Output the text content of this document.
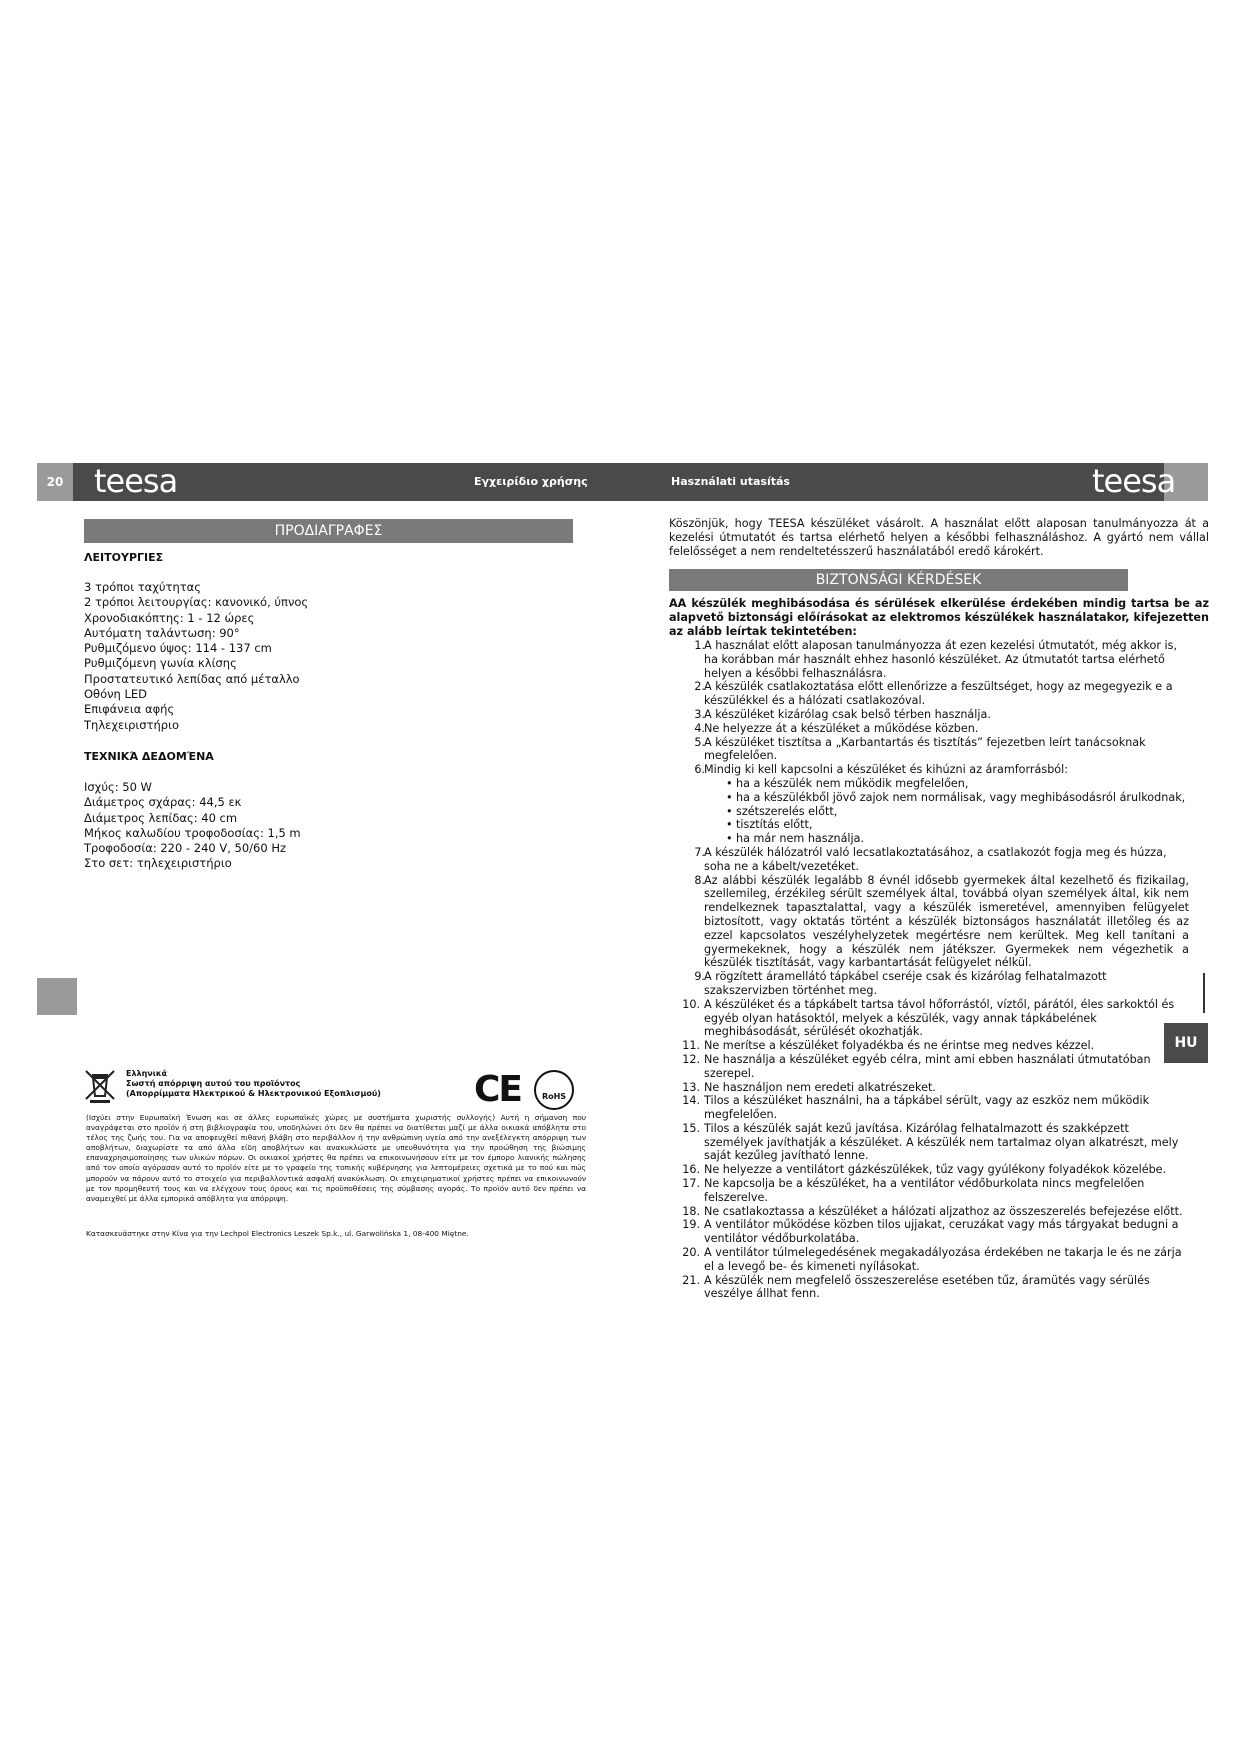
20 teesa	teesa
Εγχειρίδιο χρήσης	Használati utasítás
ΠΡΟΔΙΑΓΡΑΦΕΣ
ΛΕΙΤΟΥΡΓΙΕΣ
3 τρόποι ταχύτητας
2 τρόποι λειτουργίας: κανονικό, ύπνος
Χρονοδιακόπτης: 1 - 12 ώρες
Αυτόματη ταλάντωση: 90°
Ρυθμιζόμενο ύψος: 114 - 137 cm
Ρυθμιζόμενη γωνία κλίσης
Προστατευτικό λεπίδας από μέταλλο
Οθόνη LED
Επιφάνεια αφής
Τηλεχειριστήριο
ΤΕΧΝΙΚΆ ΔΕΔΟΜΈΝΑ
Ισχύς: 50 W
Διάμετρος σχάρας: 44,5 εκ
Διάμετρος λεπίδας: 40 cm
Μήκος καλωδίου τροφοδοσίας: 1,5 m
Τροφοδοσία: 220 - 240 V, 50/60 Hz
Στο σετ: τηλεχειριστήριο
Ελληνικά
Σωστή απόρριψη αυτού του προϊόντος
(Απορρίμματα Ηλεκτρικού & Ηλεκτρονικού Εξοπλισμού)	CE	RoHS
(Ισχύει στην Ευρωπαϊκή Ένωση και σε άλλες ευρωπαϊκές χώρες με συστήματα χωριστής συλλογής) Αυτή η σήμανση που αναγράφεται στο προϊόν ή στη βιβλιογραφία του, υποδηλώνει ότι δεν θα πρέπει να διατίθεται μαζί με άλλα οικιακά απόβλητα στο τέλος της ζωής του. Για να αποφευχθεί πιθανή βλάβη στο περιβάλλον ή την ανθρώπινη υγεία από την ανεξέλεγκτη απόρριψη των αποβλήτων, διαχωρίστε τα από άλλα είδη αποβλήτων και ανακυκλώστε με υπευθυνότητα για την προώθηση της βιώσιμης επαναχρησιμοποίησης των υλικών πόρων. Οι οικιακοί χρήστες θα πρέπει να επικοινωνήσουν είτε με τον έμπορο λιανικής πώλησης από τον οποίο αγόρασαν αυτό το προϊόν είτε με το γραφείο της τοπικής κυβέρνησης για λεπτομέρειες σχετικά με το πού και πώς μπορούν να πάρουν αυτό το στοιχείο για περιβαλλοντικά ασφαλή ανακύκλωση. Οι επιχειρηματικοί χρήστες πρέπει να επικοινωνούν με τον προμηθευτή τους και να ελέγχουν τους όρους και τις προϋποθέσεις της σύμβασης αγοράς. Το προϊόν αυτό δεν πρέπει να αναμειχθεί με άλλα εμπορικά απόβλητα για απόρριψη.
Κατασκευάστηκε στην Κίνα για την Lechpol Electronics Leszek Sp.k., ul. Garwolińska 1, 08-400 Miętne.
Köszönjük, hogy TEESA készüléket vásárolt. A használat előtt alaposan tanulmányozza át a kezelési útmutatót és tartsa elérhető helyen a későbbi felhasználáshoz. A gyártó nem vállal felelősséget a nem rendeltetésszerű használatából eredő károkért.
BIZTONSÁGI KÉRDÉSEK
AA készülék meghibásodása és sérülések elkerülése érdekében mindig tartsa be az alapvető biztonsági előírásokat az elektromos készülékek használatakor, kifejezetten az alább leírtak tekintetében:
1. A használat előtt alaposan tanulmányozza át ezen kezelési útmutatót, még akkor is, ha korábban már használt ehhez hasonló készüléket. Az útmutatót tartsa elérhető helyen a későbbi felhasználásra.
2. A készülék csatlakoztatása előtt ellenőrizze a feszültséget, hogy az megegyezik e a készülékkel és a hálózati csatlakozóval.
3. A készüléket kizárólag csak belső térben használja.
4. Ne helyezze át a készüléket a működése közben.
5. A készüléket tisztítsa a „Karbantartás és tisztítás” fejezetben leírt tanácsoknak megfelelően.
6. Mindig ki kell kapcsolni a készüléket és kihúzni az áramforrásból:
• ha a készülék nem működik megfelelően,
• ha a készülékből jövő zajok nem normálisak, vagy meghibásodásról árulkodnak,
• szétszerelés előtt,
• tisztítás előtt,
• ha már nem használja.
7. A készülék hálózatról való lecsatlakoztatásához, a csatlakozót fogja meg és húzza, soha ne a kábelt/vezetéket.
8. Az alábbi készülék legalább 8 évnél idősebb gyermekek által kezelhető és fizikailag, szellemileg, érzékileg sérült személyek által, továbbá olyan személyek által, kik nem rendelkeznek tapasztalattal, vagy a készülék ismeretével, amennyiben felügyelet biztosított, vagy oktatás történt a készülék biztonságos használatát illetőleg és az ezzel kapcsolatos veszélyhelyzetek megértésre nem kerültek. Meg kell tanítani a gyermekeknek, hogy a készülék nem játékszer. Gyermekek nem végezhetik a készülék tisztítását, vagy karbantartását felügyelet nélkül.
9. A rögzített áramellátó tápkábel cseréje csak és kizárólag felhatalmazott szakszervizben történhet meg.
10. A készüléket és a tápkábelt tartsa távol hőforrástól, víztől, párától, éles sarkoktól és egyéb olyan hatásoktól, melyek a készülék, vagy annak tápkábelének meghibásodását, sérülését okozhatják.
11. Ne merítse a készüléket folyadékba és ne érintse meg nedves kézzel.
12. Ne használja a készüléket egyéb célra, mint ami ebben használati útmutatóban szerepel.
13. Ne használjon nem eredeti alkatrészeket.
14. Tilos a készüléket használni, ha a tápkábel sérült, vagy az eszköz nem működik megfelelően.
15. Tilos a készülék saját kezű javítása. Kizárólag felhatalmazott és szakképzett személyek javíthatják a készüléket. A készülék nem tartalmaz olyan alkatrészt, mely saját kezűleg javítható lenne.
16. Ne helyezze a ventilátort gázkészülékek, tűz vagy gyúlékony folyadékok közelébe.
17. Ne kapcsolja be a készüléket, ha a ventilátor védőburkolata nincs megfelelően felszerelve.
18. Ne csatlakoztassa a készüléket a hálózati aljzathoz az összeszerelés befejezése előtt.
19. A ventilátor működése közben tilos ujjakat, ceruzákat vagy más tárgyakat bedugni a ventilátor védőburkolatába.
20. A ventilátor túlmelegedésének megakadályozása érdekében ne takarja le és ne zárja el a levegő be- és kimeneti nyílásokat.
21. A készülék nem megfelelő összeszerelése esetében tűz, áramütés vagy sérülés veszélye állhat fenn.
HU
